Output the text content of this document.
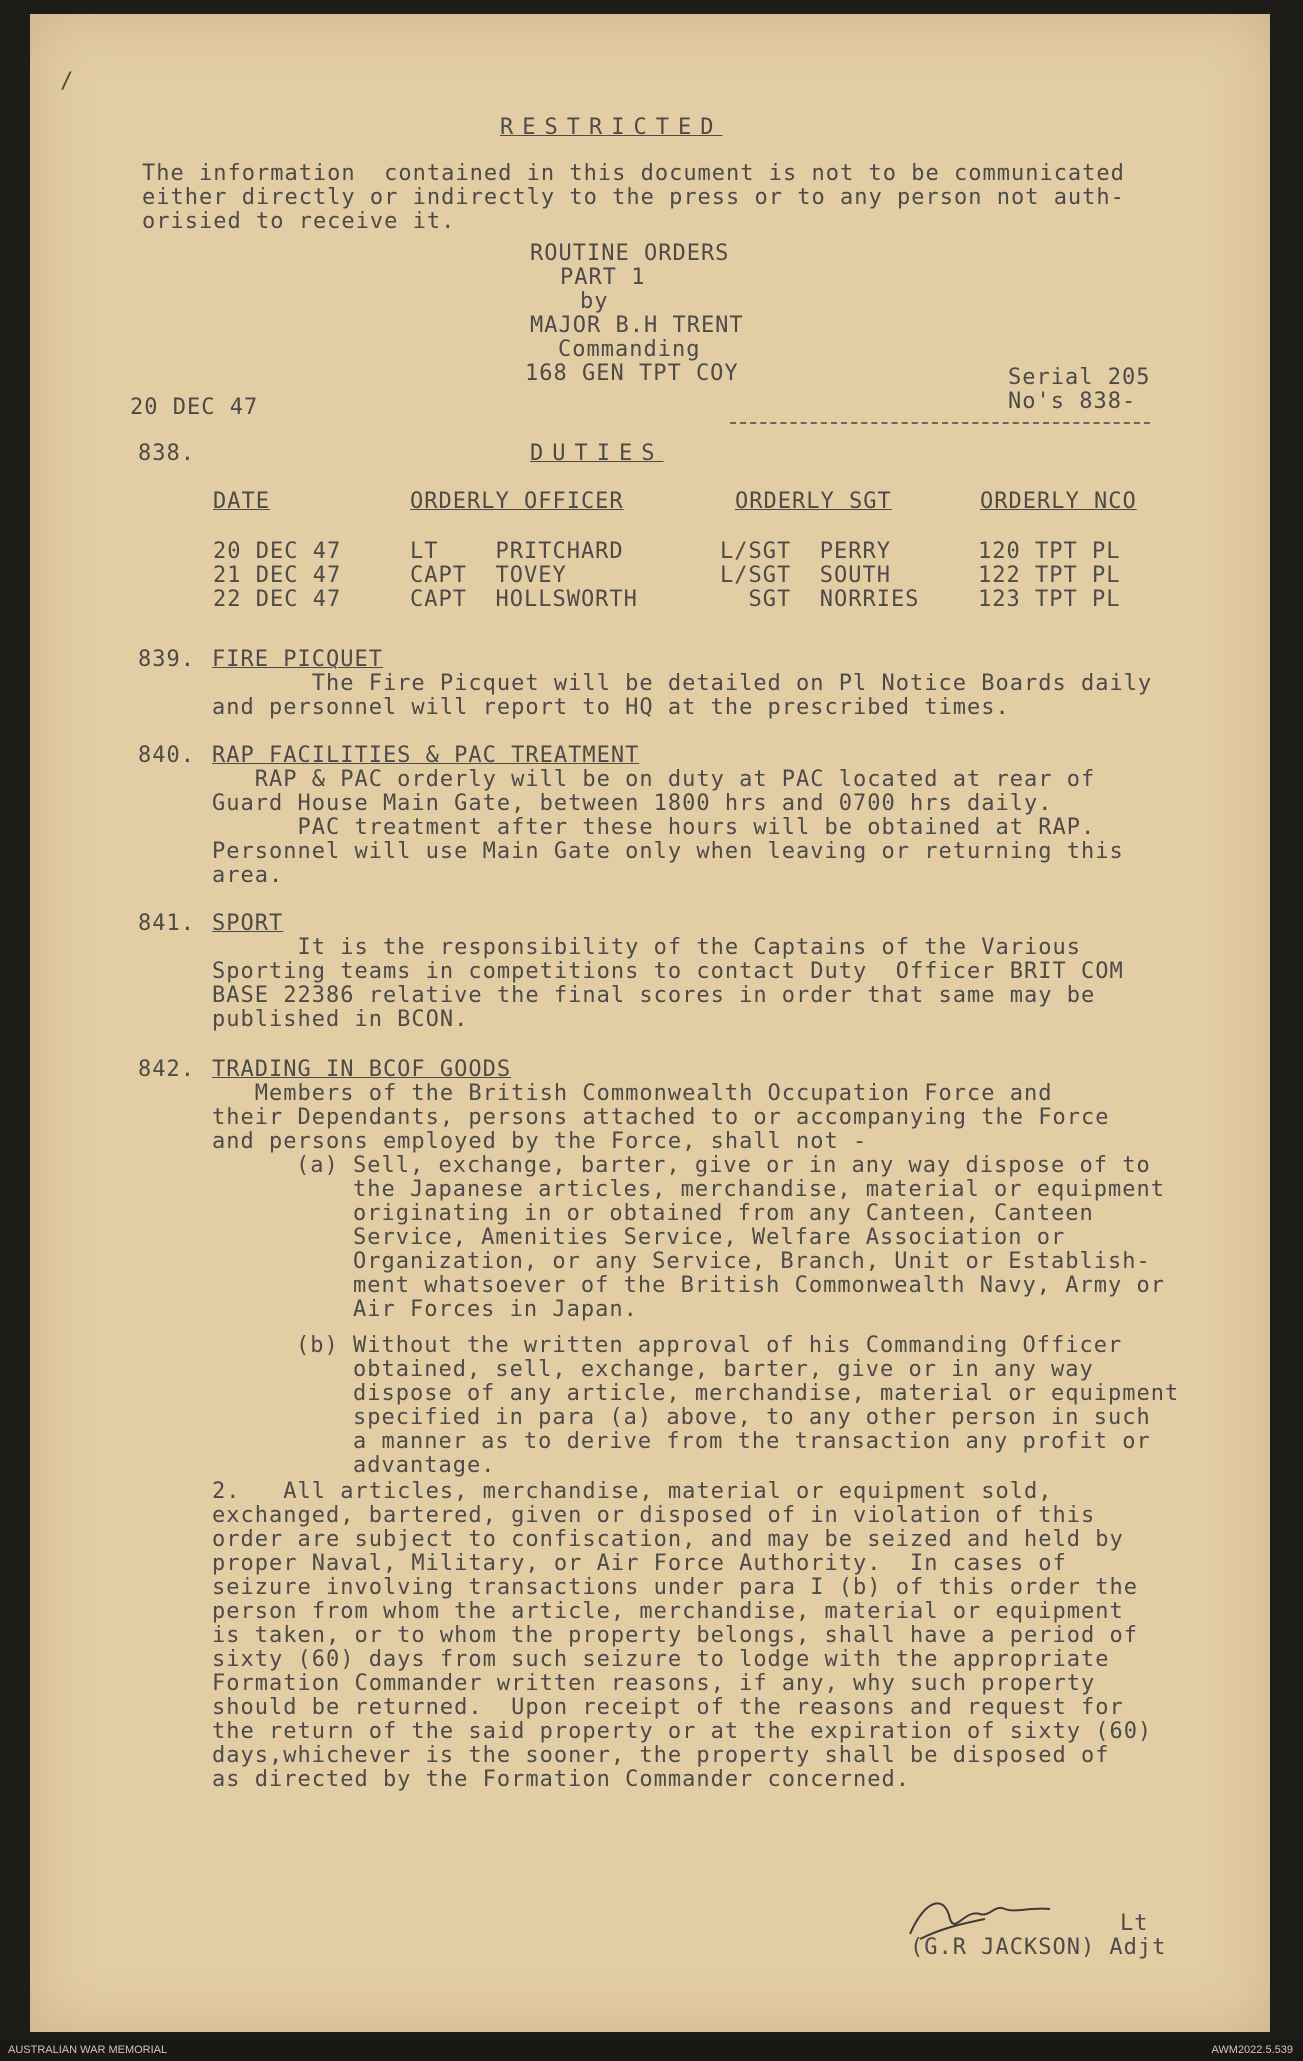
/
RESTRICTED
The information  contained in this document is not to be communicated
either directly or indirectly to the press or to any person not auth-
orisied to receive it.
ROUTINE ORDERS
PART 1
by
MAJOR B.H TRENT
Commanding
168 GEN TPT COY
20 DEC 47
Serial 205
No's 838-
838.	DUTIES
DATE	ORDERLY OFFICER	ORDERLY SGT	ORDERLY NCO
20 DEC 47	LT    PRITCHARD	L/SGT  PERRY	120 TPT PL
21 DEC 47	CAPT  TOVEY	L/SGT  SOUTH	122 TPT PL
22 DEC 47	CAPT  HOLLSWORTH	SGT  NORRIES	123 TPT PL
839. FIRE PICQUET
The Fire Picquet will be detailed on Pl Notice Boards daily
and personnel will report to HQ at the prescribed times.
840. RAP FACILITIES & PAC TREATMENT
RAP & PAC orderly will be on duty at PAC located at rear of
Guard House Main Gate, between 1800 hrs and 0700 hrs daily.
PAC treatment after these hours will be obtained at RAP.
Personnel will use Main Gate only when leaving or returning this
area.
841. SPORT
It is the responsibility of the Captains of the Various
Sporting teams in competitions to contact Duty  Officer BRIT COM
BASE 22386 relative the final scores in order that same may be
published in BCON.
842. TRADING IN BCOF GOODS
Members of the British Commonwealth Occupation Force and
their Dependants, persons attached to or accompanying the Force
and persons employed by the Force, shall not -
(a) Sell, exchange, barter, give or in any way dispose of to
the Japanese articles, merchandise, material or equipment
originating in or obtained from any Canteen, Canteen
Service, Amenities Service, Welfare Association or
Organization, or any Service, Branch, Unit or Establish-
ment whatsoever of the British Commonwealth Navy, Army or
Air Forces in Japan.
(b) Without the written approval of his Commanding Officer
obtained, sell, exchange, barter, give or in any way
dispose of any article, merchandise, material or equipment
specified in para (a) above, to any other person in such
a manner as to derive from the transaction any profit or
advantage.
2.   All articles, merchandise, material or equipment sold,
exchanged, bartered, given or disposed of in violation of this
order are subject to confiscation, and may be seized and held by
proper Naval, Military, or Air Force Authority.  In cases of
seizure involving transactions under para I (b) of this order the
person from whom the article, merchandise, material or equipment
is taken, or to whom the property belongs, shall have a period of
sixty (60) days from such seizure to lodge with the appropriate
Formation Commander written reasons, if any, why such property
should be returned.  Upon receipt of the reasons and request for
the return of the said property or at the expiration of sixty (60)
days,whichever is the sooner, the property shall be disposed of
as directed by the Formation Commander concerned.
Lt
(G.R JACKSON) Adjt
AUSTRALIAN WAR MEMORIAL	AWM2022.5.539
